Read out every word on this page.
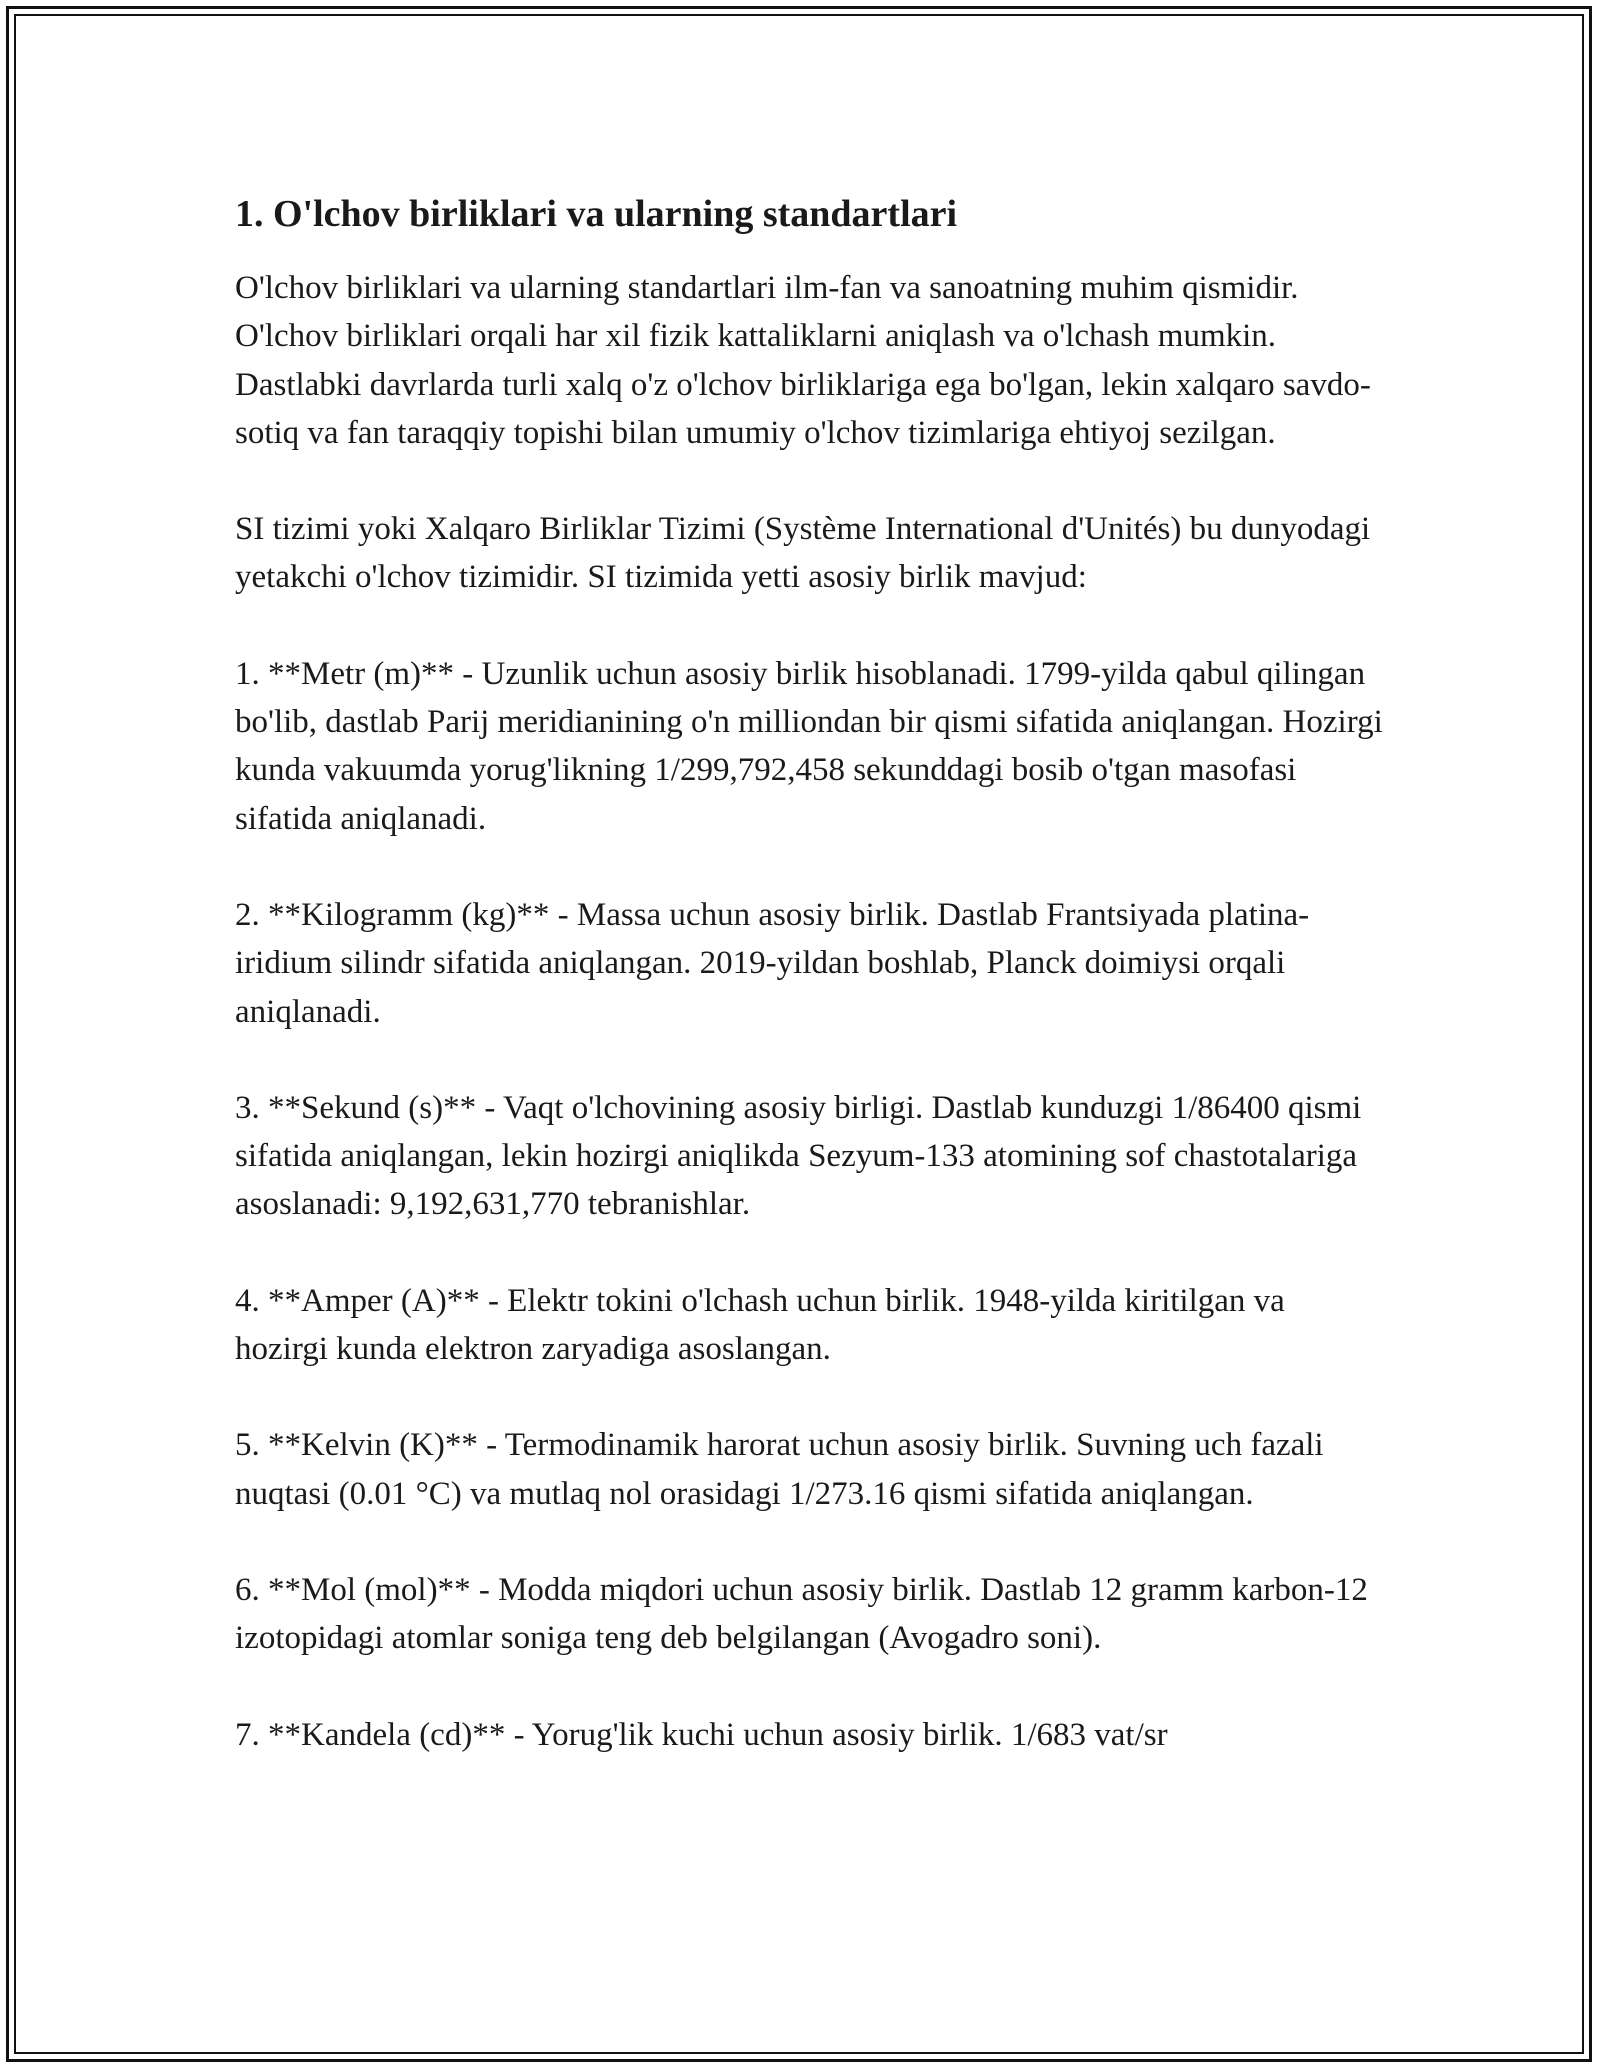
1. O'lchov birliklari va ularning standartlari

O'lchov birliklari va ularning standartlari ilm-fan va sanoatning muhim qismidir. O'lchov birliklari orqali har xil fizik kattaliklarni aniqlash va o'lchash mumkin. Dastlabki davrlarda turli xalq o'z o'lchov birliklariga ega bo'lgan, lekin xalqaro savdo-sotiq va fan taraqqiy topishi bilan umumiy o'lchov tizimlariga ehtiyoj sezilgan.

SI tizimi yoki Xalqaro Birliklar Tizimi (Système International d'Unités) bu dunyodagi yetakchi o'lchov tizimidir. SI tizimida yetti asosiy birlik mavjud:

1. **Metr (m)** - Uzunlik uchun asosiy birlik hisoblanadi. 1799-yilda qabul qilingan bo'lib, dastlab Parij meridianining o'n milliondan bir qismi sifatida aniqlangan. Hozirgi kunda vakuumda yorug'likning 1/299,792,458 sekunddagi bosib o'tgan masofasi sifatida aniqlanadi.

2. **Kilogramm (kg)** - Massa uchun asosiy birlik. Dastlab Frantsiyada platina-iridium silindr sifatida aniqlangan. 2019-yildan boshlab, Planck doimiysi orqali aniqlanadi.

3. **Sekund (s)** - Vaqt o'lchovining asosiy birligi. Dastlab kunduzgi 1/86400 qismi sifatida aniqlangan, lekin hozirgi aniqlikda Sezyum-133 atomining sof chastotalariga asoslanadi: 9,192,631,770 tebranishlar.

4. **Amper (A)** - Elektr tokini o'lchash uchun birlik. 1948-yilda kiritilgan va hozirgi kunda elektron zaryadiga asoslangan.

5. **Kelvin (K)** - Termodinamik harorat uchun asosiy birlik. Suvning uch fazali nuqtasi (0.01 °C) va mutlaq nol orasidagi 1/273.16 qismi sifatida aniqlangan.

6. **Mol (mol)** - Modda miqdori uchun asosiy birlik. Dastlab 12 gramm karbon-12 izotopidagi atomlar soniga teng deb belgilangan (Avogadro soni).

7. **Kandela (cd)** - Yorug'lik kuchi uchun asosiy birlik. 1/683 vat/sr
